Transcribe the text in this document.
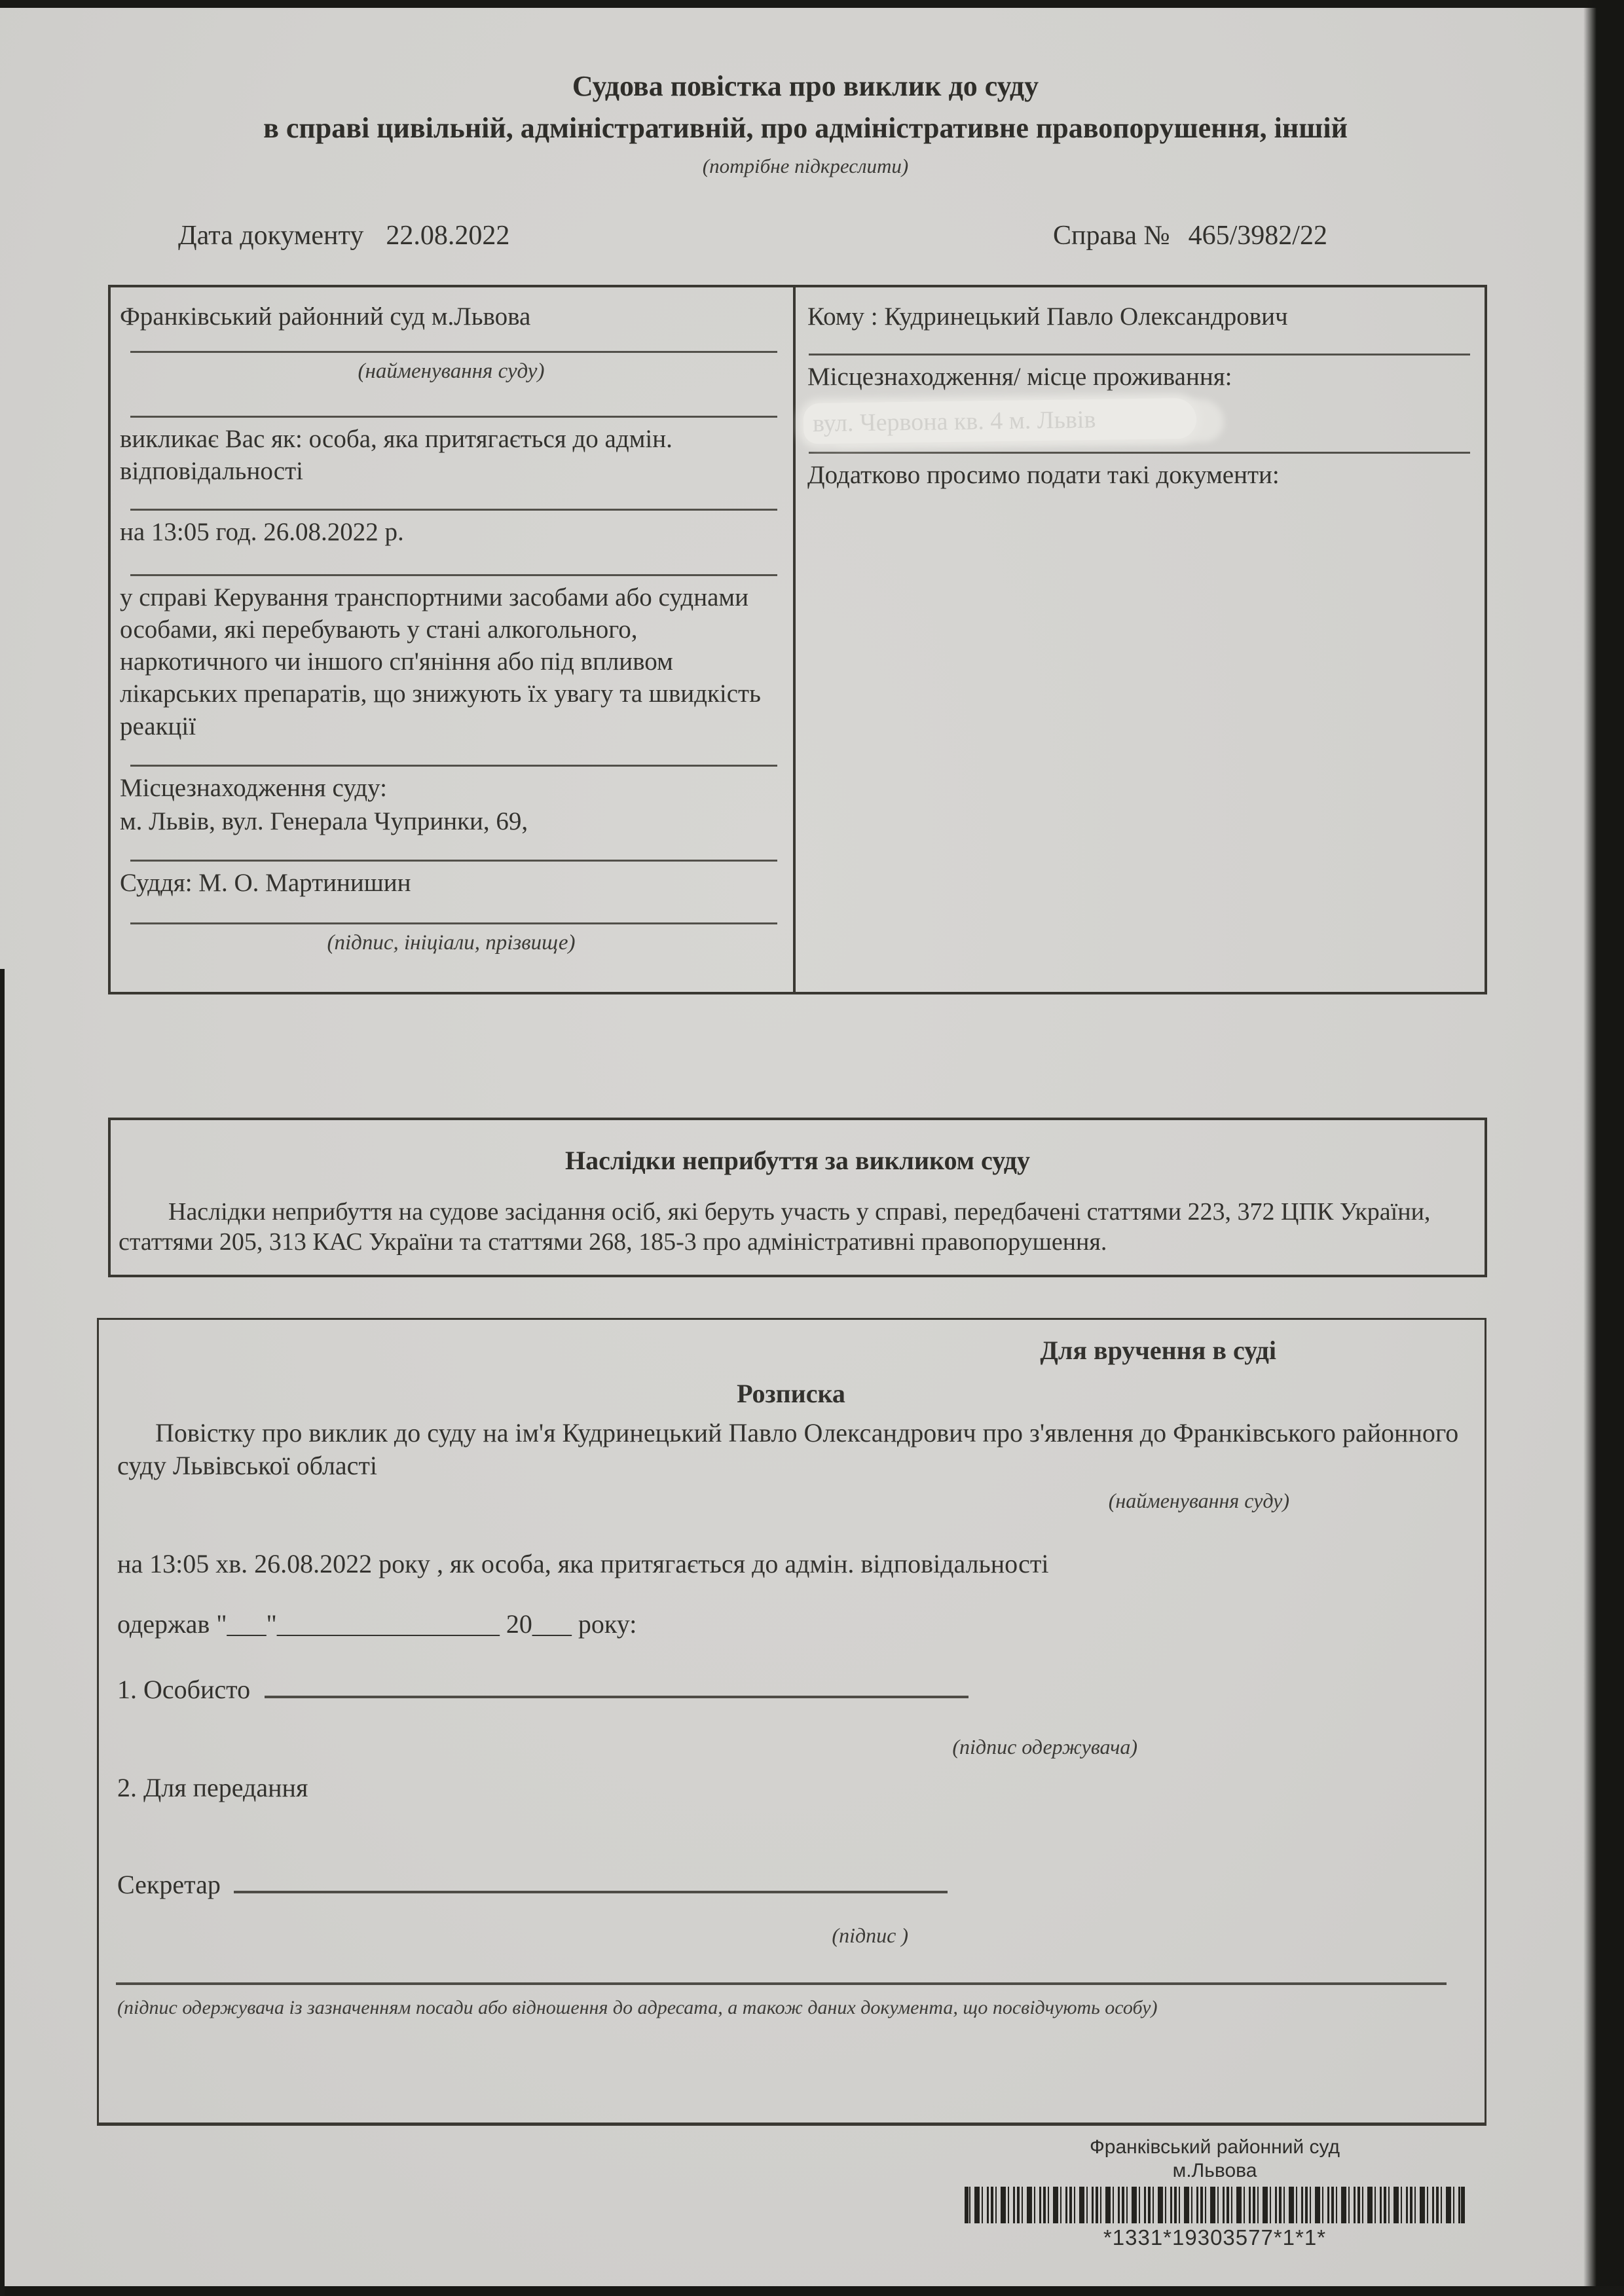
Судова повістка про виклик до суду
в справі цивільній, адміністративній, про адміністративне правопорушення, іншій
(потрібне підкреслити)
Дата документу 22.08.2022	Справа № 465/3982/22
Франківський районний суд м.Львова
(найменування суду)
викликає Вас як: особа, яка притягається до адмін. відповідальності
на 13:05 год. 26.08.2022 р.
у справі Керування транспортними засобами або суднами особами, які перебувають у стані алкогольного, наркотичного чи іншого сп'яніння або під впливом лікарських препаратів, що знижують їх увагу та швидкість реакції
Місцезнаходження суду:
м. Львів, вул. Генерала Чупринки, 69,
Суддя: М. О. Мартинишин
(підпис, ініціали, прізвище)
Кому : Кудринецький Павло Олександрович
Місцезнаходження/ місце проживання:
вул. Червона кв. 4 м. Львів
Додатково просимо подати такі документи:
Наслідки неприбуття за викликом суду
Наслідки неприбуття на судове засідання осіб, які беруть участь у справі, передбачені статтями 223, 372 ЦПК України, статтями 205, 313 КАС України та статтями 268, 185-3 про адміністративні правопорушення.
Для вручення в суді
Розписка
Повістку про виклик до суду на ім'я Кудринецький Павло Олександрович про з'явлення до Франківського районного суду Львівської області
(найменування суду)
на 13:05 хв. 26.08.2022 року , як особа, яка притягається до адмін. відповідальності
одержав "___"_________________ 20___ року:
1. Особисто
(підпис одержувача)
2. Для передання
Секретар
(підпис )
(підпис одержувача із зазначенням посади або відношення до адресата, а також даних документа, що посвідчують особу)
Франківський районний суд
м.Львова
*1331*19303577*1*1*
